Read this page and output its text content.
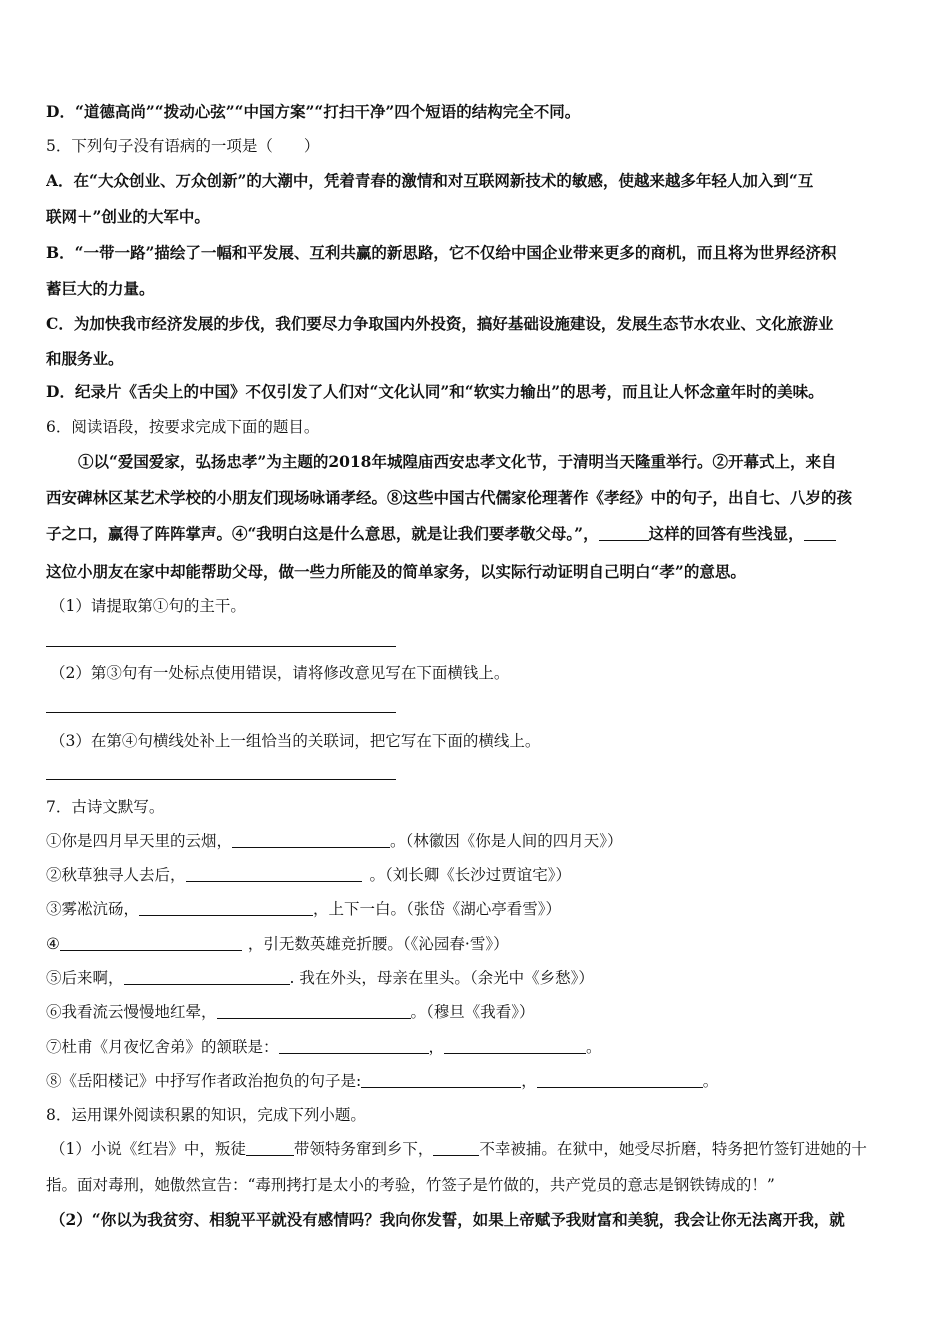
D．“道德高尚”“拨动心弦”“中国方案”“打扫干净”四个短语的结构完全不同。
5．下列句子没有语病的一项是（　　）
A．在“大众创业、万众创新”的大潮中，凭着青春的激情和对互联网新技术的敏感，使越来越多年轻人加入到“互
联网＋”创业的大军中。
B．“一带一路”描绘了一幅和平发展、互利共赢的新思路，它不仅给中国企业带来更多的商机，而且将为世界经济积
蓄巨大的力量。
C．为加快我市经济发展的步伐，我们要尽力争取国内外投资，搞好基础设施建设，发展生态节水农业、文化旅游业
和服务业。
D．纪录片《舌尖上的中国》不仅引发了人们对“文化认同”和“软实力输出”的思考，而且让人怀念童年时的美味。
6．阅读语段，按要求完成下面的题目。
①以“爱国爱家，弘扬忠孝”为主题的2018年城隍庙西安忠孝文化节，于清明当天隆重举行。②开幕式上，来自
西安碑林区某艺术学校的小朋友们现场咏诵孝经。⑧这些中国古代儒家伦理著作《孝经》中的句子，出自七、八岁的孩
子之口，赢得了阵阵掌声。④“我明白这是什么意思，就是让我们要孝敬父母。”，	这样的回答有些浅显，
这位小朋友在家中却能帮助父母，做一些力所能及的简单家务，以实际行动证明自己明白“孝”的意思。
（1）请提取第①句的主干。
（2）第③句有一处标点使用错误，请将修改意见写在下面横钱上。
（3）在第④句横线处补上一组恰当的关联词，把它写在下面的横线上。
7．古诗文默写。
①你是四月早天里的云烟，	。（林徽因《你是人间的四月天》）
②秋草独寻人去后，	。（刘长卿《长沙过贾谊宅》）
③雾凇沆砀，	，上下一白。（张岱《湖心亭看雪》）
④	，引无数英雄竞折腰。（《沁园春·雪》）
⑤后来啊，	. 我在外头，母亲在里头。（余光中《乡愁》）
⑥我看流云慢慢地红晕，	。（穆旦《我看》）
⑦杜甫《月夜忆舍弟》的颔联是：	，	。
⑧《岳阳楼记》中抒写作者政治抱负的句子是:	，	。
8．运用课外阅读积累的知识，完成下列小题。
（1）小说《红岩》中，叛徒	带领特务窜到乡下，	不幸被捕。在狱中，她受尽折磨，特务把竹签钉进她的十
指。面对毒刑，她傲然宣告：“毒刑拷打是太小的考验，竹签子是竹做的，共产党员的意志是钢铁铸成的！”
（2）“你以为我贫穷、相貌平平就没有感情吗？我向你发誓，如果上帝赋予我财富和美貌，我会让你无法离开我，就
